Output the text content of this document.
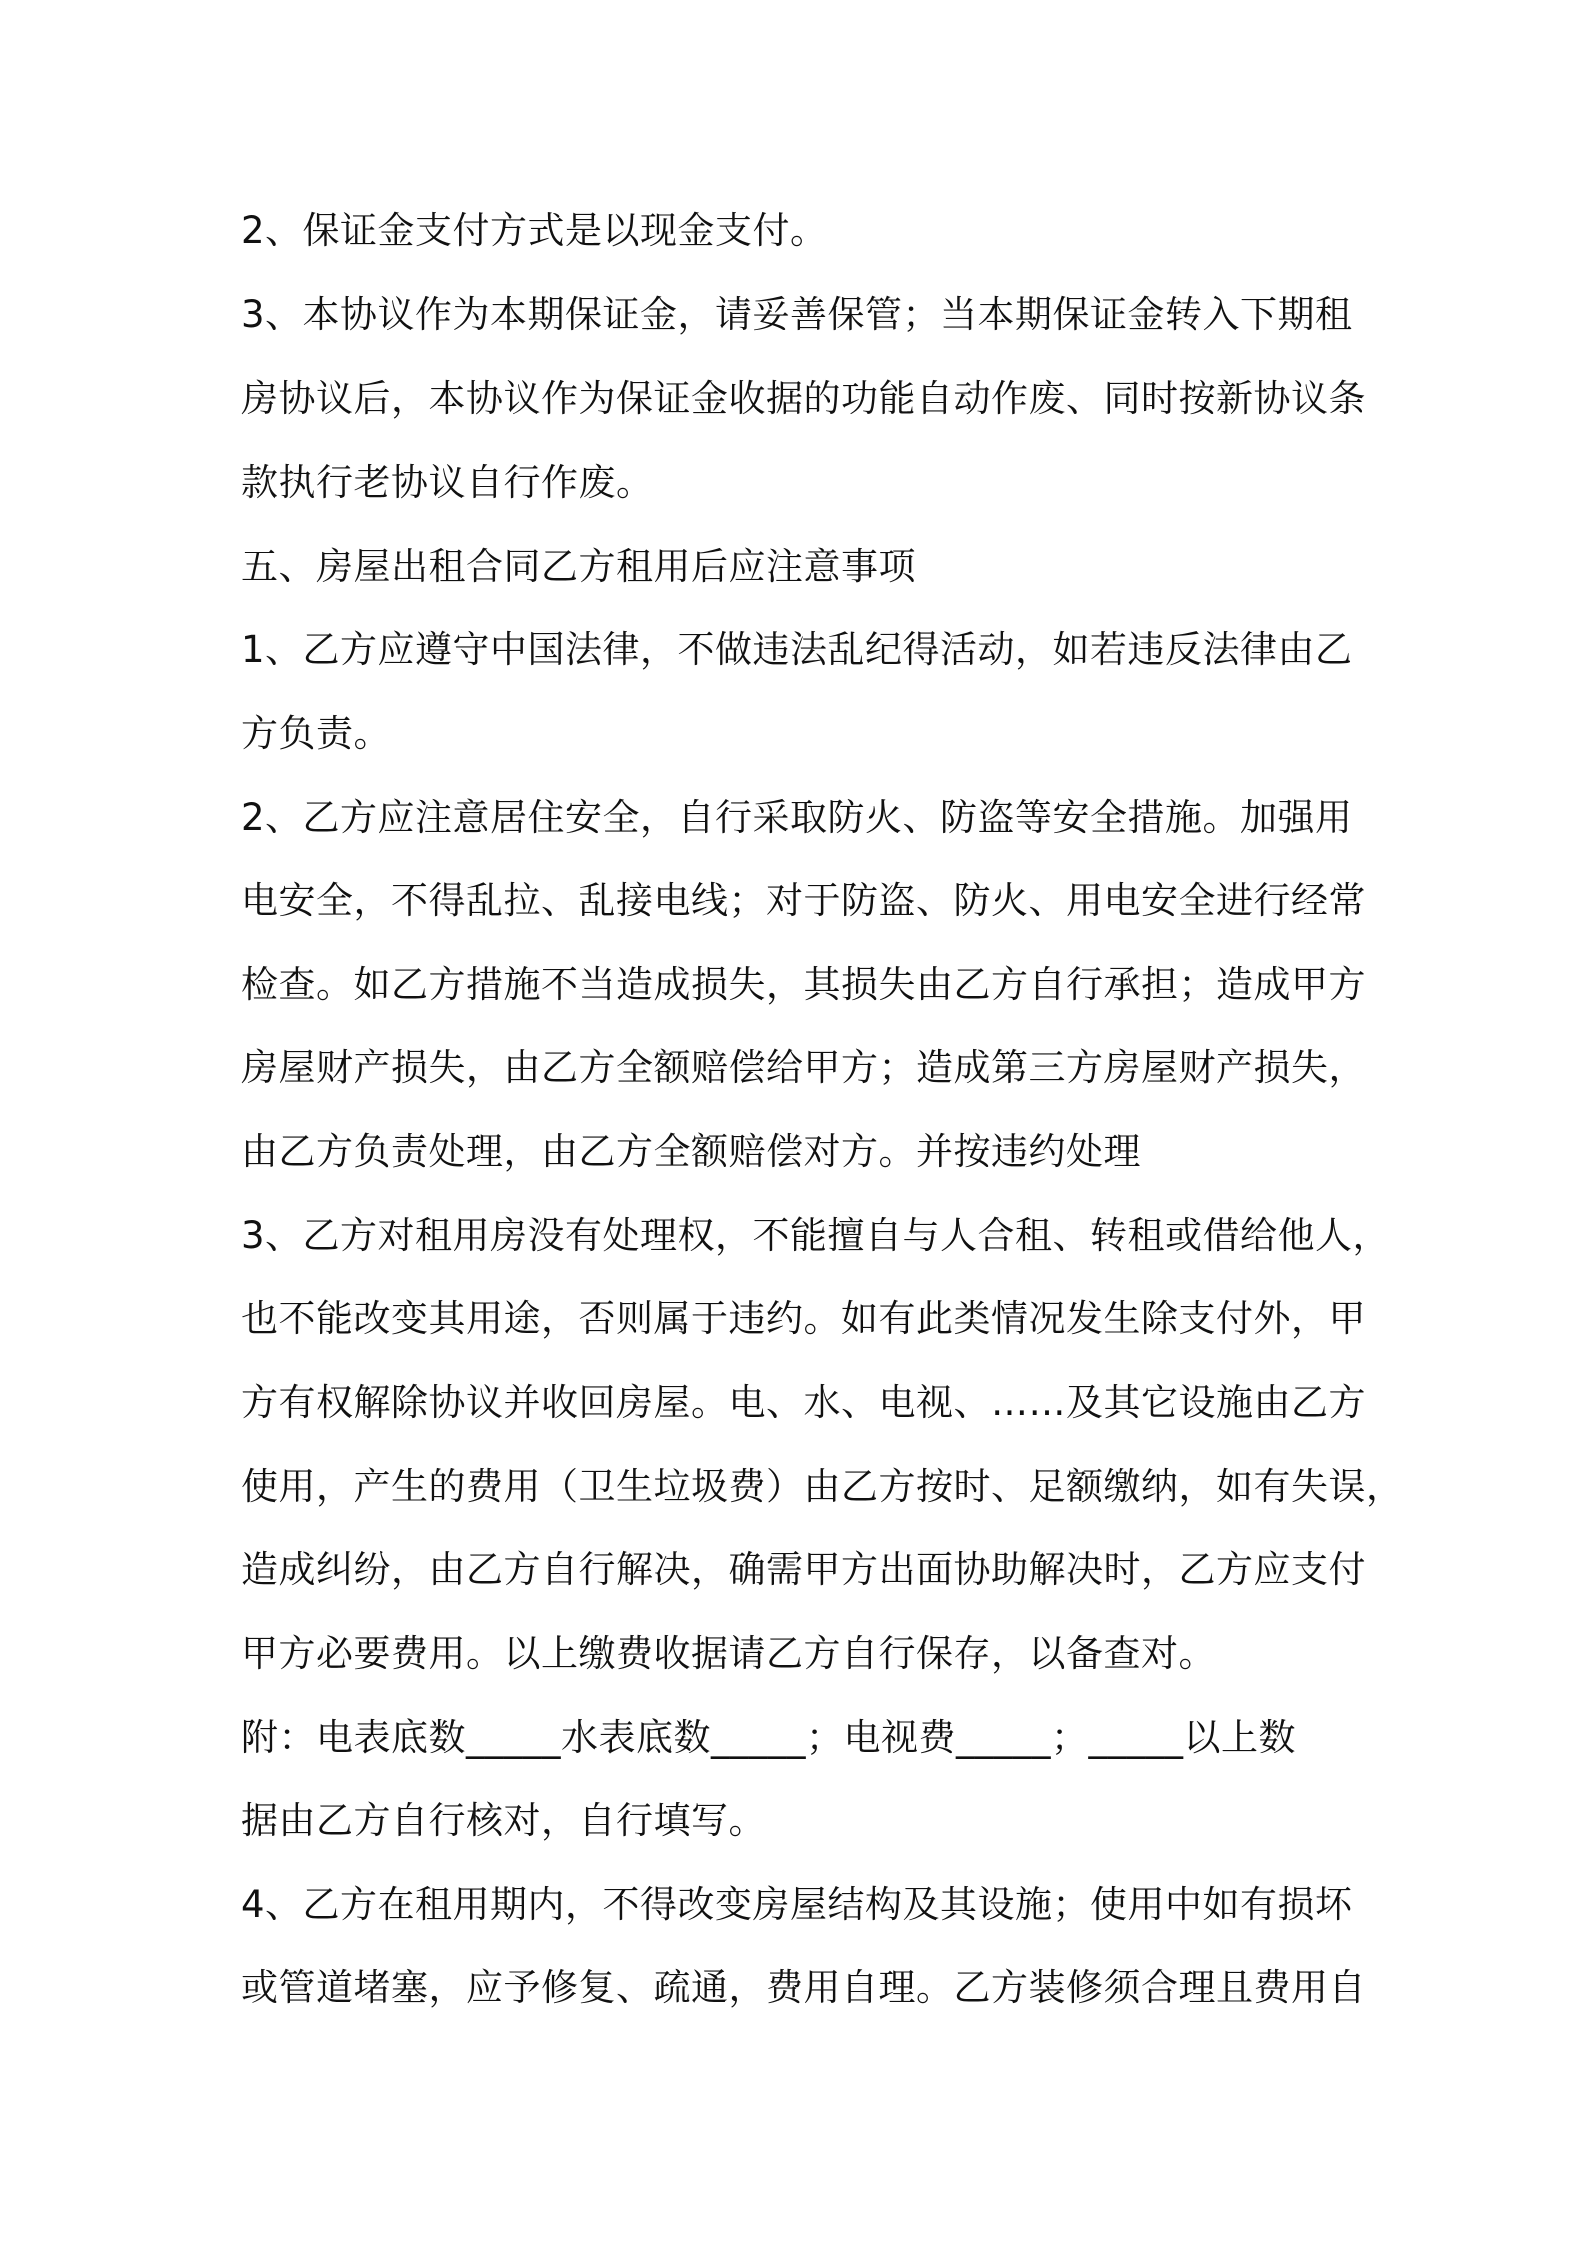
2、保证金支付方式是以现金支付。
3、本协议作为本期保证金，请妥善保管；当本期保证金转入下期租
房协议后，本协议作为保证金收据的功能自动作废、同时按新协议条
款执行老协议自行作废。
五、房屋出租合同乙方租用后应注意事项
1、乙方应遵守中国法律，不做违法乱纪得活动，如若违反法律由乙
方负责。
2、乙方应注意居住安全，自行采取防火、防盗等安全措施。加强用
电安全，不得乱拉、乱接电线；对于防盗、防火、用电安全进行经常
检查。如乙方措施不当造成损失，其损失由乙方自行承担；造成甲方
房屋财产损失，由乙方全额赔偿给甲方；造成第三方房屋财产损失，
由乙方负责处理，由乙方全额赔偿对方。并按违约处理
3、乙方对租用房没有处理权，不能擅自与人合租、转租或借给他人，
也不能改变其用途，否则属于违约。如有此类情况发生除支付外，甲
方有权解除协议并收回房屋。电、水、电视、……及其它设施由乙方
使用，产生的费用（卫生垃圾费）由乙方按时、足额缴纳，如有失误，
造成纠纷，由乙方自行解决，确需甲方出面协助解决时，乙方应支付
甲方必要费用。以上缴费收据请乙方自行保存，以备查对。
附：电表底数_____水表底数_____；电视费_____；_____以上数
据由乙方自行核对，自行填写。
4、乙方在租用期内，不得改变房屋结构及其设施；使用中如有损坏
或管道堵塞，应予修复、疏通，费用自理。乙方装修须合理且费用自
